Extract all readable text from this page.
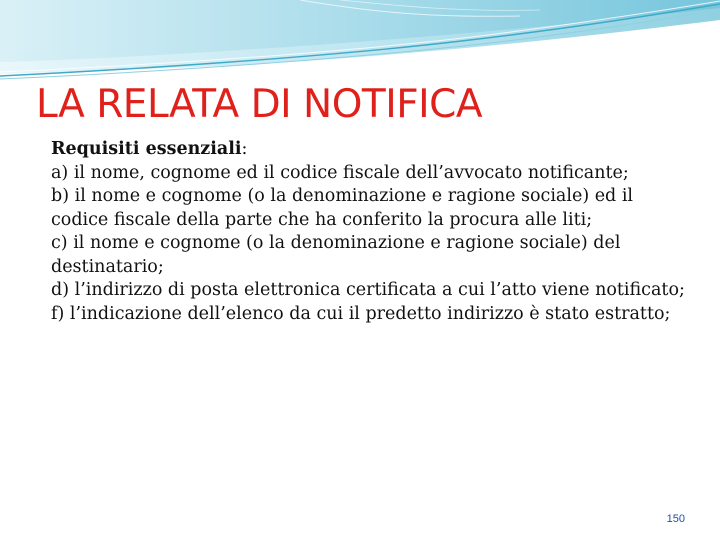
LA RELATA DI NOTIFICA

Requisiti essenziali:

a) il nome, cognome ed il codice fiscale dell’avvocato notificante;

b) il nome e cognome (o la denominazione e ragione sociale) ed il codice fiscale della parte che ha conferito la procura alle liti;

c) il nome e cognome (o la denominazione e ragione sociale) del destinatario;

d) l’indirizzo di posta elettronica certificata a cui l’atto viene notificato;

f) l’indicazione dell’elenco da cui il predetto indirizzo è stato estratto;

150
